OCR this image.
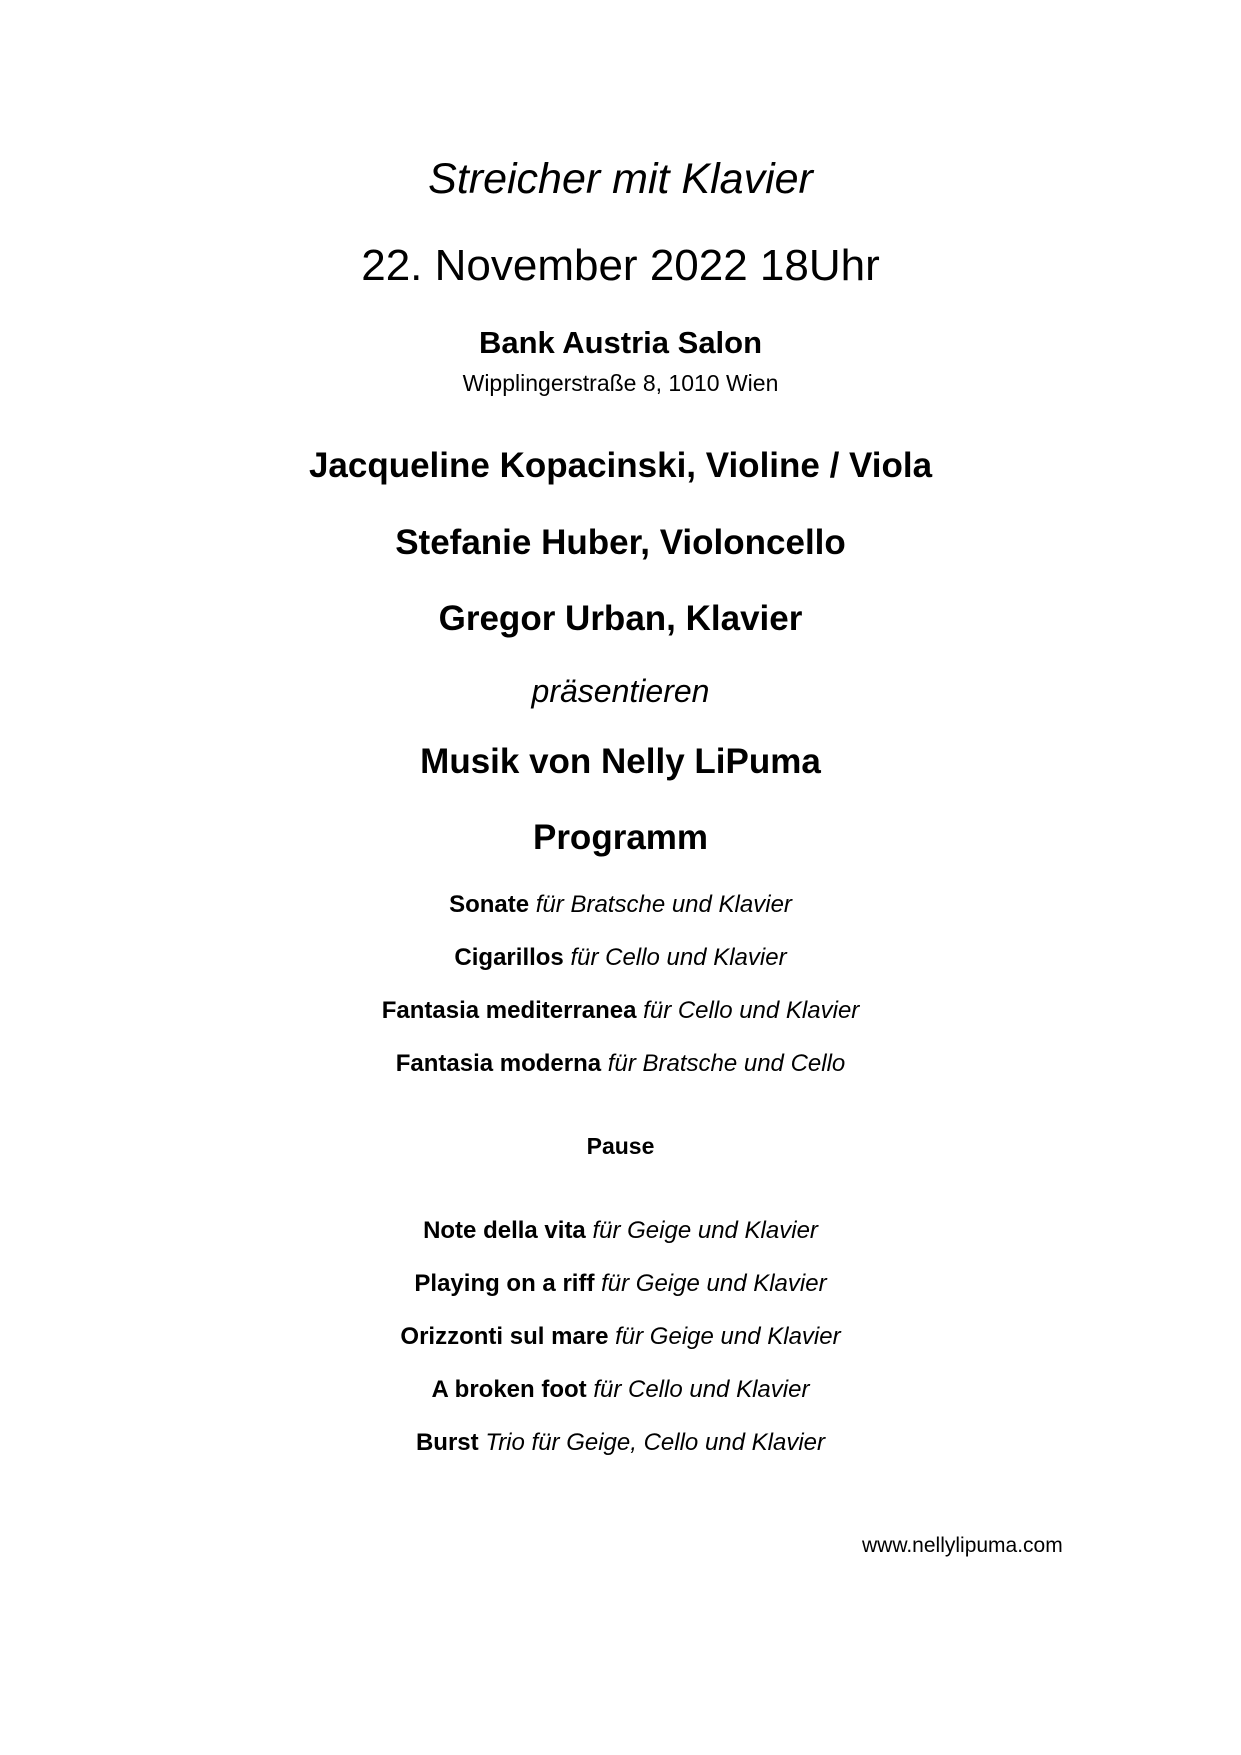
Streicher mit Klavier
22. November 2022 18Uhr
Bank Austria Salon
Wipplingerstraße 8, 1010 Wien
Jacqueline Kopacinski, Violine / Viola
Stefanie Huber, Violoncello
Gregor Urban, Klavier
präsentieren
Musik von Nelly LiPuma
Programm
Sonate für Bratsche und Klavier
Cigarillos für Cello und Klavier
Fantasia mediterranea für Cello und Klavier
Fantasia moderna für Bratsche und Cello
Pause
Note della vita für Geige und Klavier
Playing on a riff für Geige und Klavier
Orizzonti sul mare für Geige und Klavier
A broken foot für Cello und Klavier
Burst Trio für Geige, Cello und Klavier
www.nellylipuma.com
